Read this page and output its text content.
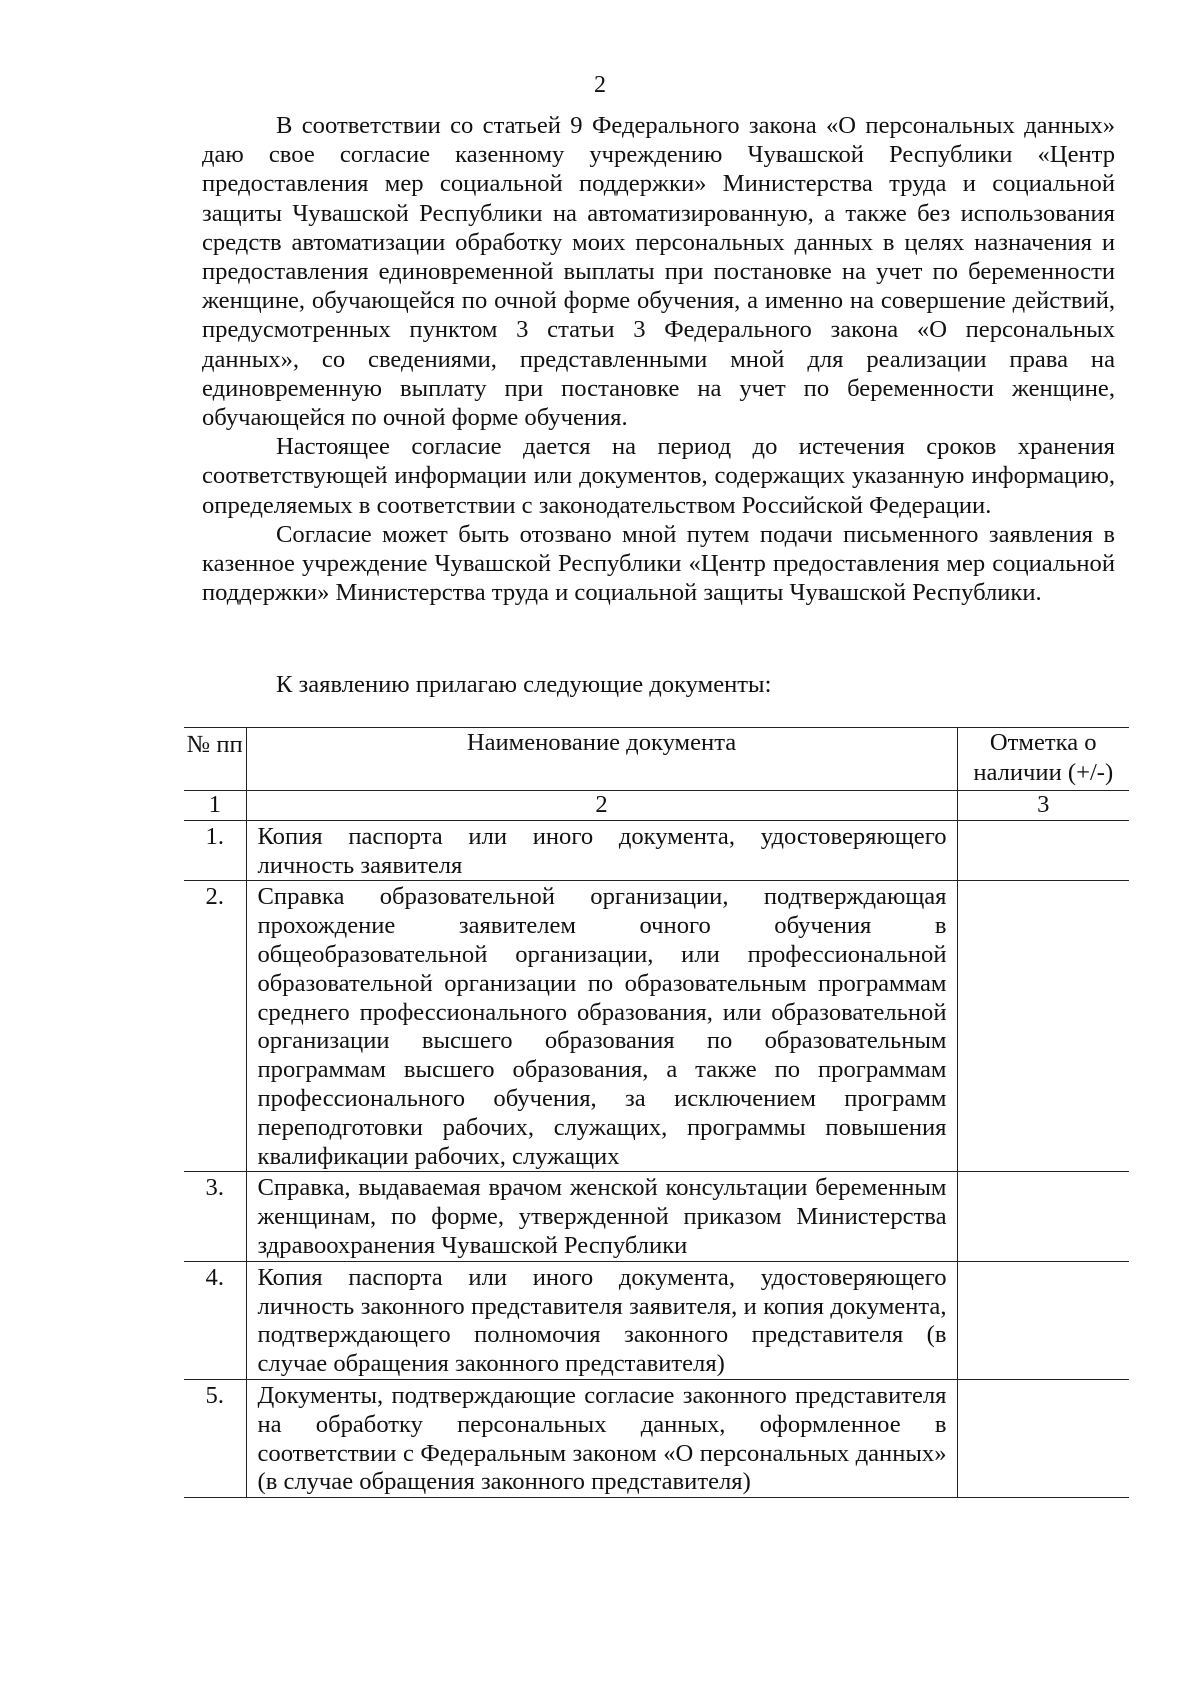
2

В соответствии со статьей 9 Федерального закона «О персональных данных» даю свое согласие казенному учреждению Чувашской Республики «Центр предоставления мер социальной поддержки» Министерства труда и социальной защиты Чувашской Республики на автоматизированную, а также без использования средств автоматизации обработку моих персональных данных в целях назначения и предоставления единовременной выплаты при постановке на учет по беременности женщине, обучающейся по очной форме обучения, а именно на совершение действий, предусмотренных пунктом 3 статьи 3 Федерального закона «О персональных данных», со сведениями, представленными мной для реализации права на единовременную выплату при постановке на учет по беременности женщине, обучающейся по очной форме обучения.

Настоящее согласие дается на период до истечения сроков хранения соответствующей информации или документов, содержащих указанную информацию, определяемых в соответствии с законодательством Российской Федерации.

Согласие может быть отозвано мной путем подачи письменного заявления в казенное учреждение Чувашской Республики «Центр предоставления мер социальной поддержки» Министерства труда и социальной защиты Чувашской Республики.

К заявлению прилагаю следующие документы:
№ пп	Наименование документа	Отметка о наличии (+/-)
1	2	3
1.	Копия паспорта или иного документа, удостоверяющего личность заявителя	
2.	Справка образовательной организации, подтверждающая прохождение заявителем очного обучения в общеобразовательной организации, или профессиональной образовательной организации по образовательным программам среднего профессионального образования, или образовательной организации высшего образования по образовательным программам высшего образования, а также по программам профессионального обучения, за исключением программ переподготовки рабочих, служащих, программы повышения квалификации рабочих, служащих	
3.	Справка, выдаваемая врачом женской консультации беременным женщинам, по форме, утвержденной приказом Министерства здравоохранения Чувашской Республики	
4.	Копия паспорта или иного документа, удостоверяющего личность законного представителя заявителя, и копия документа, подтверждающего полномочия законного представителя (в случае обращения законного представителя)	
5.	Документы, подтверждающие согласие законного представителя на обработку персональных данных, оформленное в соответствии с Федеральным законом «О персональных данных» (в случае обращения законного представителя)	
